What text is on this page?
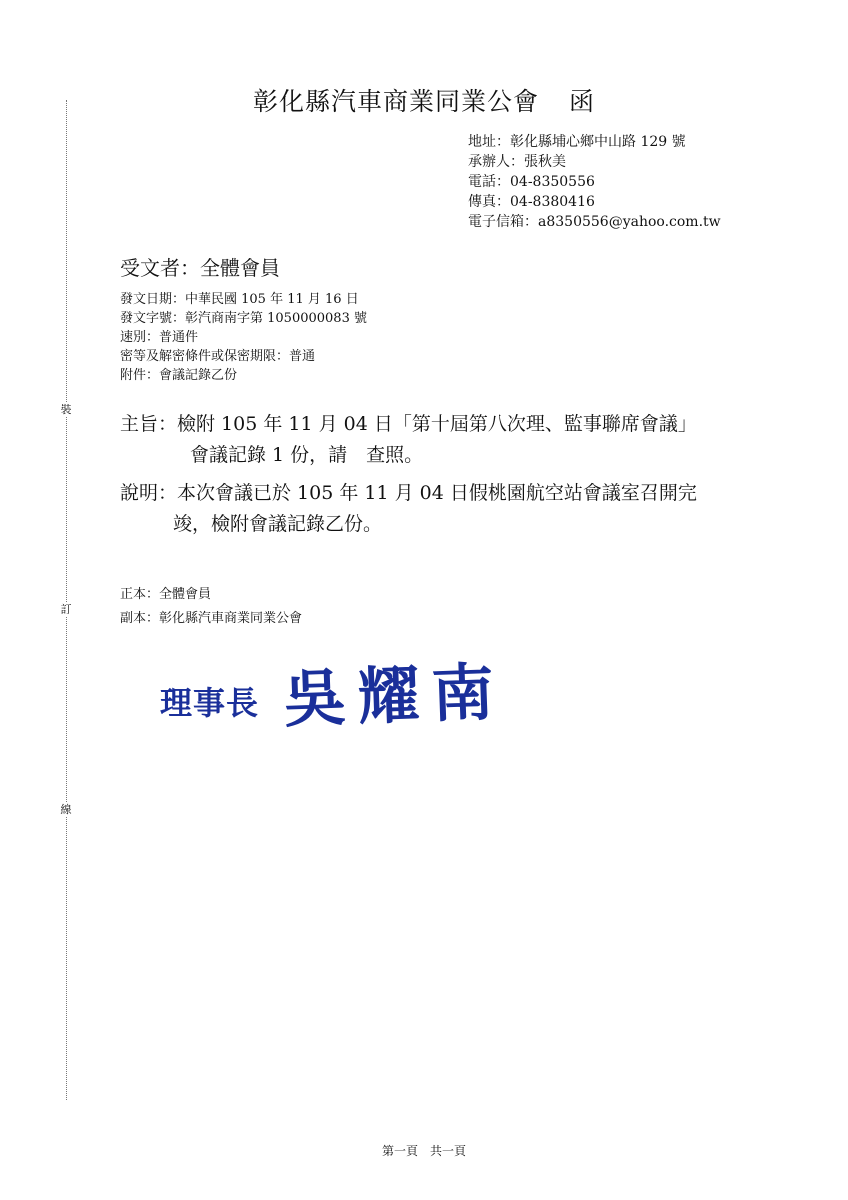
裝
訂
線
彰化縣汽車商業同業公會 函
地址：彰化縣埔心鄉中山路 129 號
承辦人：張秋美
電話：04-8350556
傳真：04-8380416
電子信箱：a8350556@yahoo.com.tw
受文者：全體會員
發文日期：中華民國 105 年 11 月 16 日
發文字號：彰汽商南字第 1050000083 號
速別：普通件
密等及解密條件或保密期限：普通
附件：會議記錄乙份
主旨：檢附 105 年 11 月 04 日「第十屆第八次理、監事聯席會議」
會議記錄 1 份，請　查照。
說明：本次會議已於 105 年 11 月 04 日假桃園航空站會議室召開完
竣，檢附會議記錄乙份。
正本：全體會員
副本：彰化縣汽車商業同業公會
理事長 吳耀南
第一頁　共一頁
